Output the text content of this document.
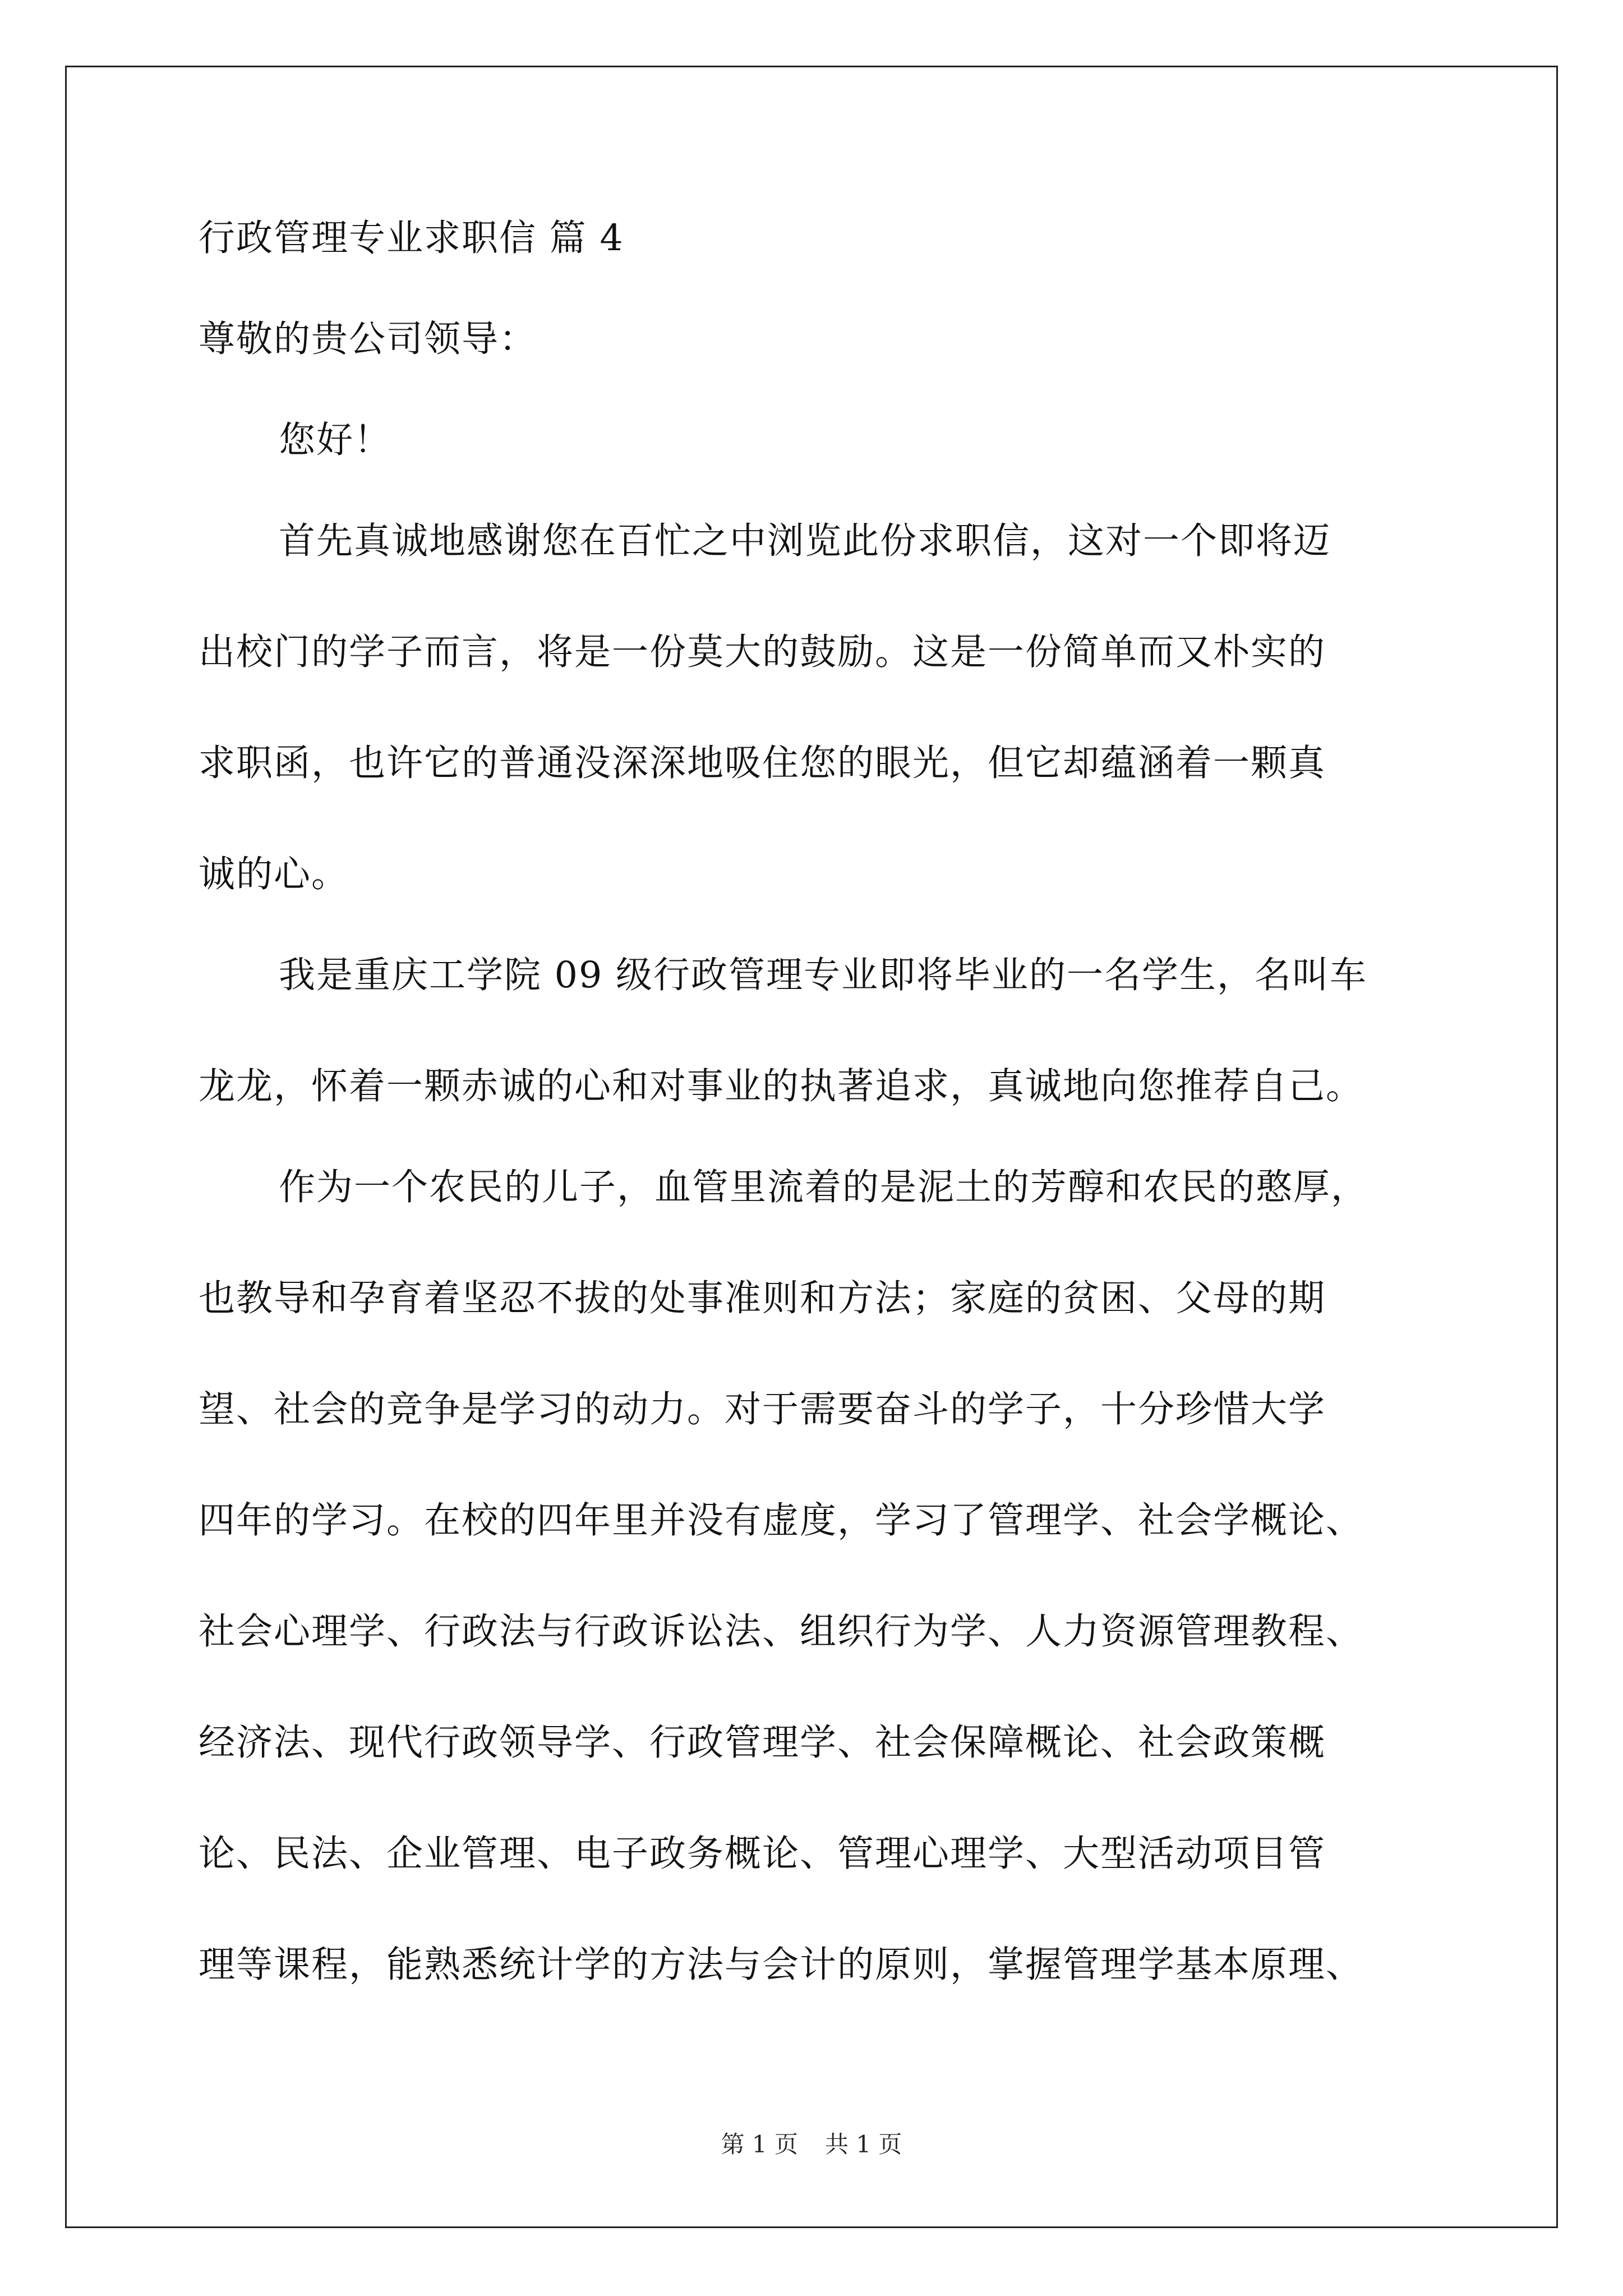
行政管理专业求职信 篇 4

尊敬的贵公司领导：

您好！

首先真诚地感谢您在百忙之中浏览此份求职信，这对一个即将迈

出校门的学子而言，将是一份莫大的鼓励。这是一份简单而又朴实的

求职函，也许它的普通没深深地吸住您的眼光，但它却蕴涵着一颗真

诚的心。

我是重庆工学院 09 级行政管理专业即将毕业的一名学生，名叫车

龙龙，怀着一颗赤诚的心和对事业的执著追求，真诚地向您推荐自己。

作为一个农民的儿子，血管里流着的是泥土的芳醇和农民的憨厚，

也教导和孕育着坚忍不拔的处事准则和方法；家庭的贫困、父母的期

望、社会的竞争是学习的动力。对于需要奋斗的学子，十分珍惜大学

四年的学习。在校的四年里并没有虚度，学习了管理学、社会学概论、

社会心理学、行政法与行政诉讼法、组织行为学、人力资源管理教程、

经济法、现代行政领导学、行政管理学、社会保障概论、社会政策概

论、民法、企业管理、电子政务概论、管理心理学、大型活动项目管

理等课程，能熟悉统计学的方法与会计的原则，掌握管理学基本原理、

第 1 页 共 1 页
